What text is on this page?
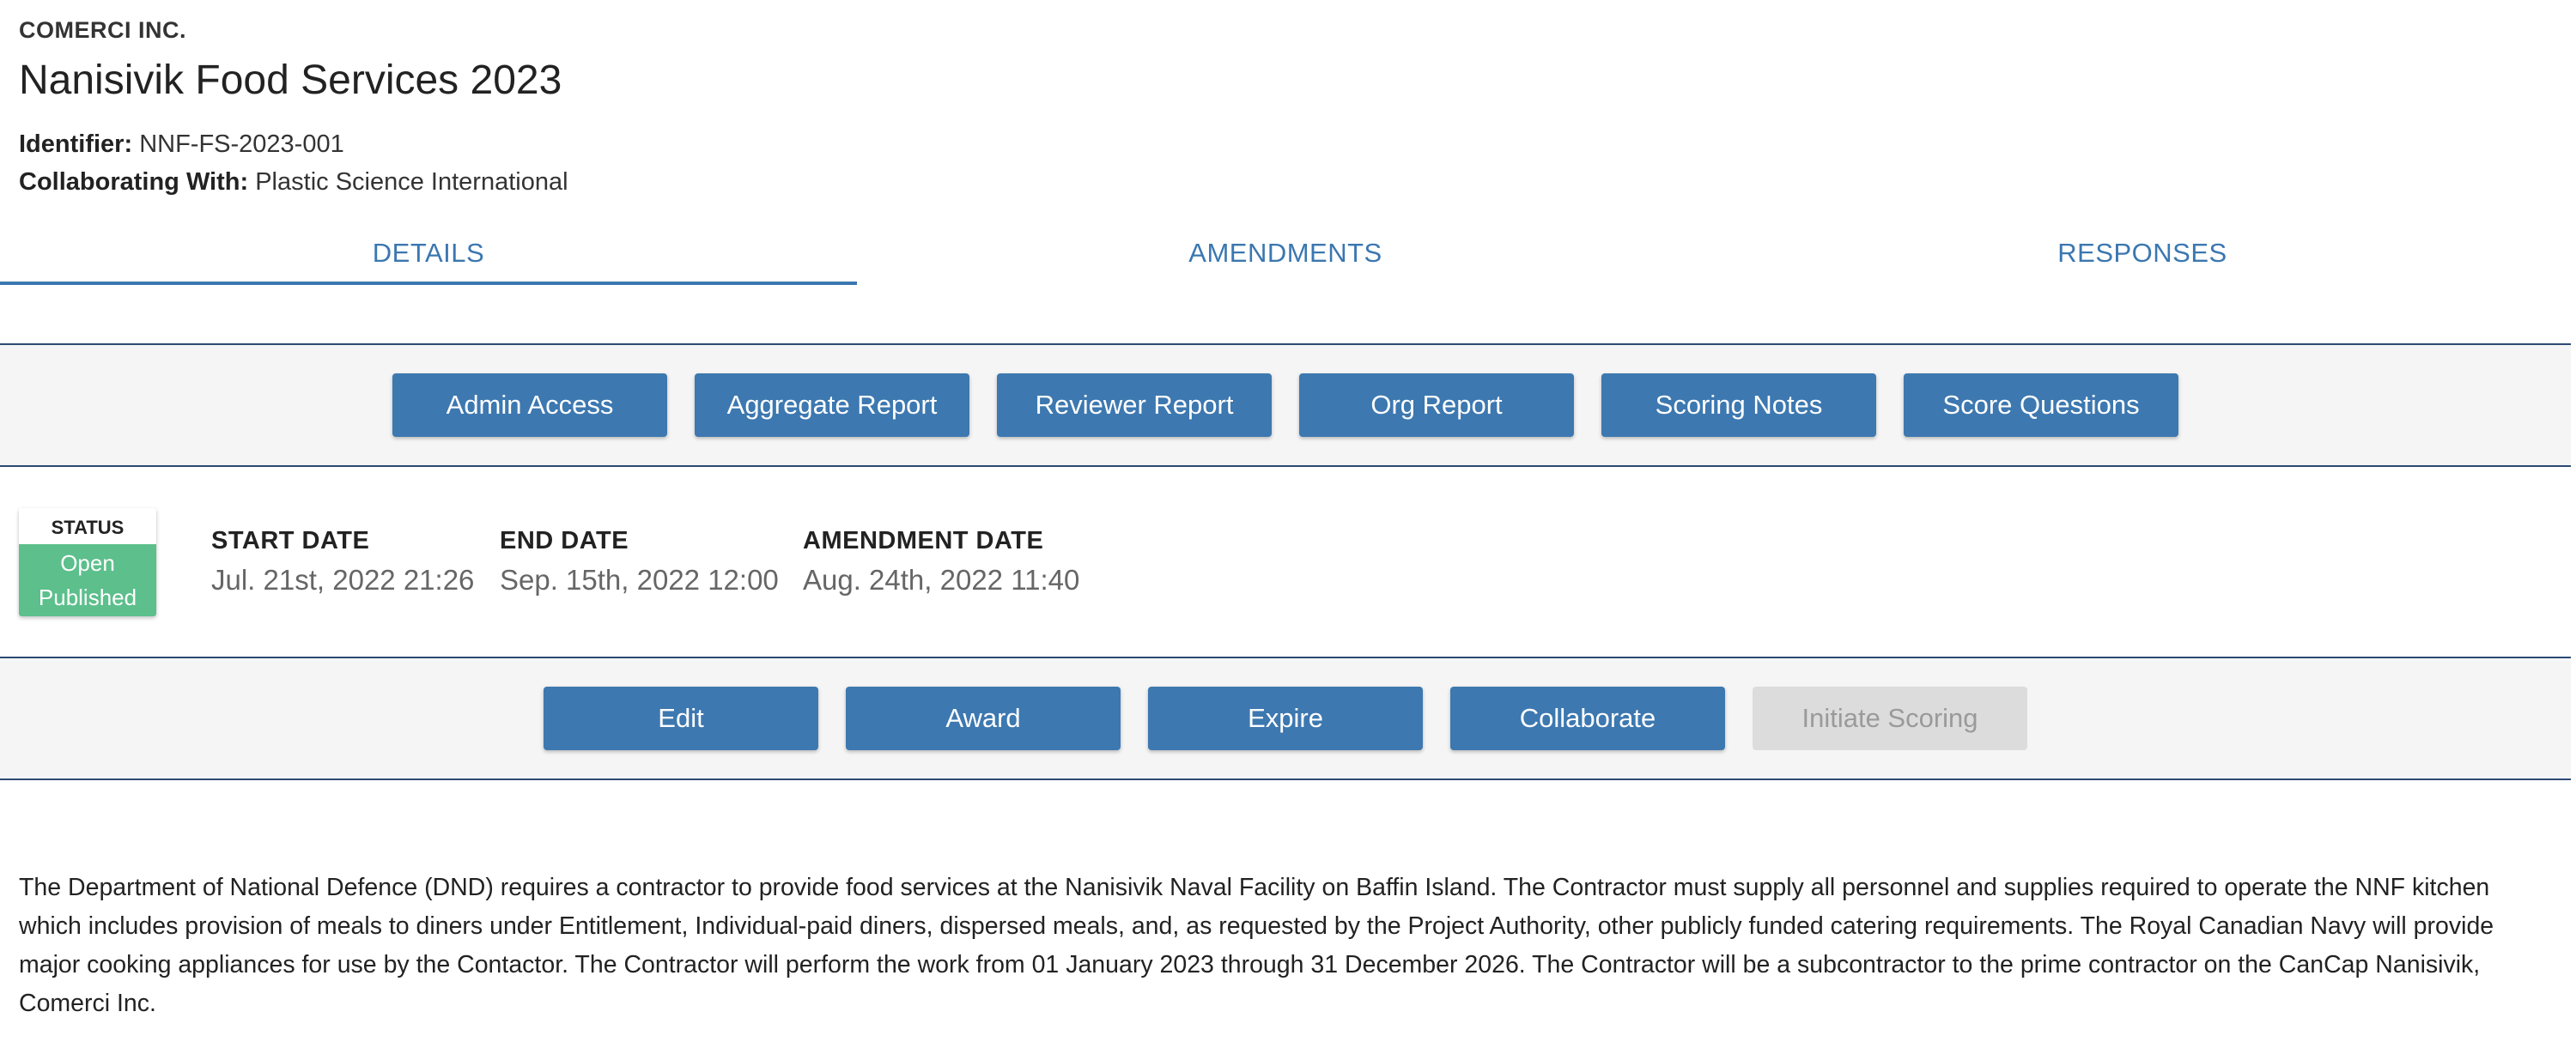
COMERCI INC.
Nanisivik Food Services 2023
Identifier: NNF-FS-2023-001
Collaborating With: Plastic Science International
DETAILS	AMENDMENTS	RESPONSES
Admin Access	Aggregate Report	Reviewer Report	Org Report	Scoring Notes	Score Questions
STATUS
Open
Published
START DATE
Jul. 21st, 2022 21:26
END DATE
Sep. 15th, 2022 12:00
AMENDMENT DATE
Aug. 24th, 2022 11:40
Edit	Award	Expire	Collaborate	Initiate Scoring

The Department of National Defence (DND) requires a contractor to provide food services at the Nanisivik Naval Facility on Baffin Island. The Contractor must supply all personnel and supplies required to operate the NNF kitchen which includes provision of meals to diners under Entitlement, Individual-paid diners, dispersed meals, and, as requested by the Project Authority, other publicly funded catering requirements. The Royal Canadian Navy will provide major cooking appliances for use by the Contactor. The Contractor will perform the work from 01 January 2023 through 31 December 2026. The Contractor will be a subcontractor to the prime contractor on the CanCap Nanisivik, Comerci Inc.
